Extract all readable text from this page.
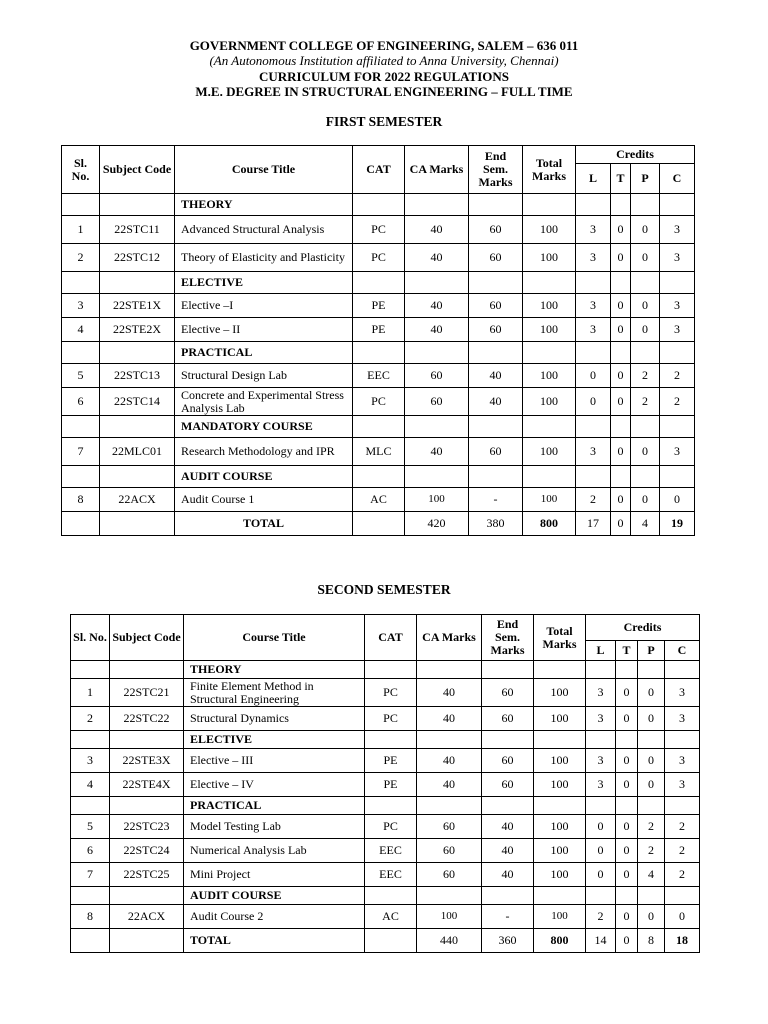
GOVERNMENT COLLEGE OF ENGINEERING, SALEM – 636 011
(An Autonomous Institution affiliated to Anna University, Chennai)
CURRICULUM FOR 2022 REGULATIONS
M.E. DEGREE IN STRUCTURAL ENGINEERING – FULL TIME
FIRST SEMESTER
Sl. No.	Subject Code	Course Title	CAT	CA Marks	End Sem. Marks	Total Marks	Credits			
							L	T	P	C
		THEORY								
1	22STC11	Advanced Structural Analysis	PC	40	60	100	3	0	0	3
2	22STC12	Theory of Elasticity and Plasticity	PC	40	60	100	3	0	0	3
		ELECTIVE								
3	22STE1X	Elective –I	PE	40	60	100	3	0	0	3
4	22STE2X	Elective – II	PE	40	60	100	3	0	0	3
		PRACTICAL								
5	22STC13	Structural Design Lab	EEC	60	40	100	0	0	2	2
6	22STC14	Concrete and Experimental Stress Analysis Lab	PC	60	40	100	0	0	2	2
		MANDATORY COURSE								
7	22MLC01	Research Methodology and IPR	MLC	40	60	100	3	0	0	3
		AUDIT COURSE								
8	22ACX	Audit Course 1	AC	100	-	100	2	0	0	0
		TOTAL		420	380	800	17	0	4	19
SECOND SEMESTER
Sl. No.	Subject Code	Course Title	CAT	CA Marks	End Sem. Marks	Total Marks	Credits			
							L	T	P	C
		THEORY								
1	22STC21	Finite Element Method in Structural Engineering	PC	40	60	100	3	0	0	3
2	22STC22	Structural Dynamics	PC	40	60	100	3	0	0	3
		ELECTIVE								
3	22STE3X	Elective – III	PE	40	60	100	3	0	0	3
4	22STE4X	Elective – IV	PE	40	60	100	3	0	0	3
		PRACTICAL								
5	22STC23	Model Testing Lab	PC	60	40	100	0	0	2	2
6	22STC24	Numerical Analysis Lab	EEC	60	40	100	0	0	2	2
7	22STC25	Mini Project	EEC	60	40	100	0	0	4	2
		AUDIT COURSE								
8	22ACX	Audit Course 2	AC	100	-	100	2	0	0	0
		TOTAL		440	360	800	14	0	8	18
